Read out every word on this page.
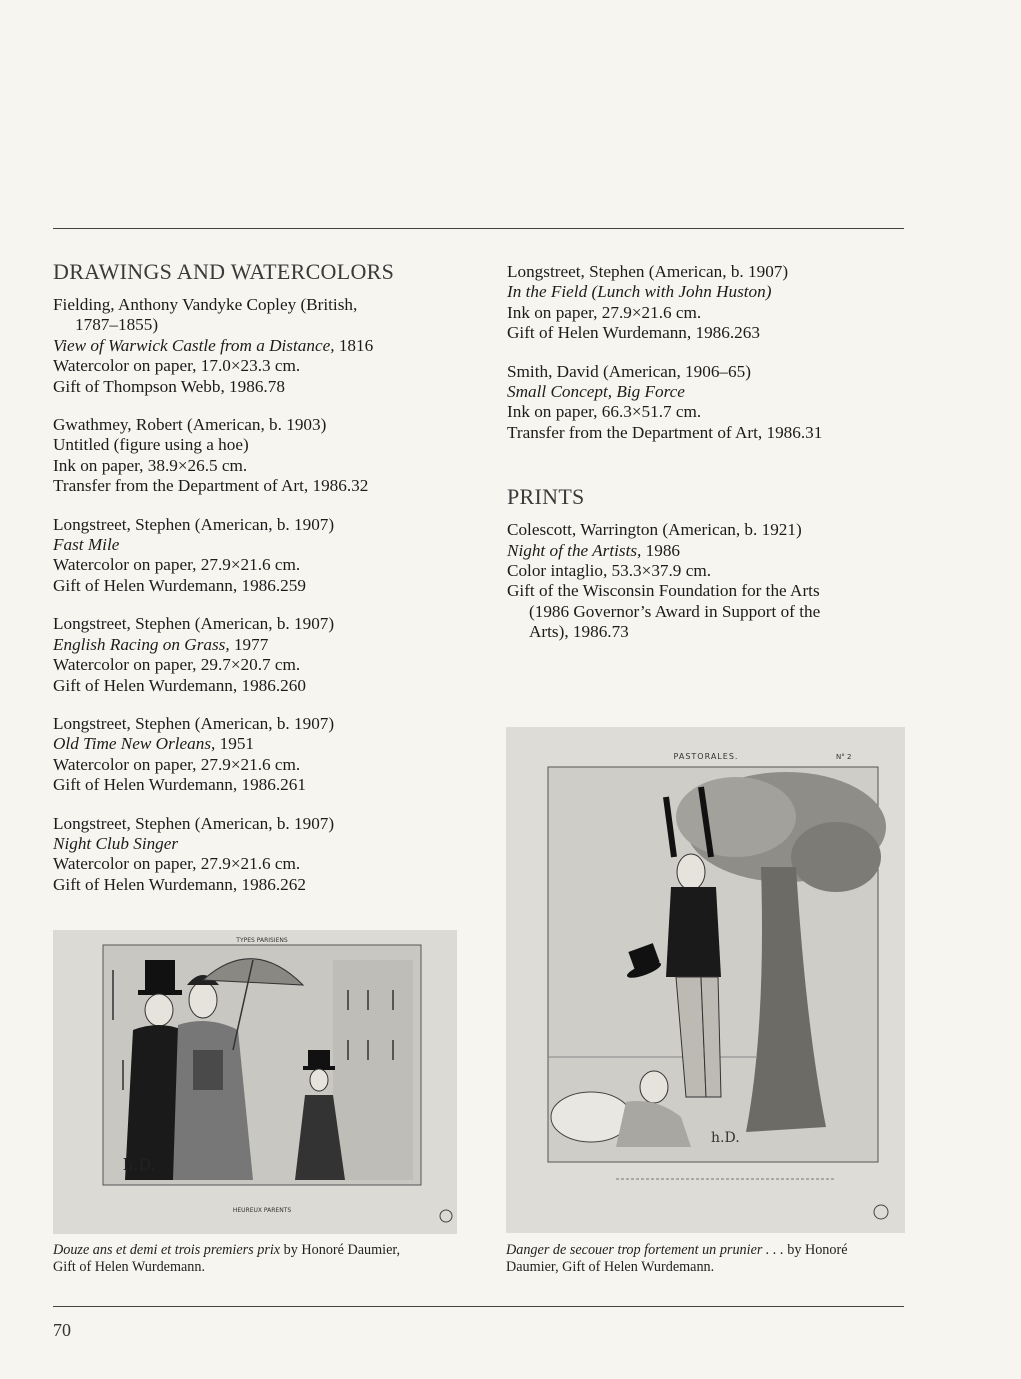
DRAWINGS AND WATERCOLORS
Fielding, Anthony Vandyke Copley (British,
1787–1855)
View of Warwick Castle from a Distance, 1816
Watercolor on paper, 17.0×23.3 cm.
Gift of Thompson Webb, 1986.78
Gwathmey, Robert (American, b. 1903)
Untitled (figure using a hoe)
Ink on paper, 38.9×26.5 cm.
Transfer from the Department of Art, 1986.32
Longstreet, Stephen (American, b. 1907)
Fast Mile
Watercolor on paper, 27.9×21.6 cm.
Gift of Helen Wurdemann, 1986.259
Longstreet, Stephen (American, b. 1907)
English Racing on Grass, 1977
Watercolor on paper, 29.7×20.7 cm.
Gift of Helen Wurdemann, 1986.260
Longstreet, Stephen (American, b. 1907)
Old Time New Orleans, 1951
Watercolor on paper, 27.9×21.6 cm.
Gift of Helen Wurdemann, 1986.261
Longstreet, Stephen (American, b. 1907)
Night Club Singer
Watercolor on paper, 27.9×21.6 cm.
Gift of Helen Wurdemann, 1986.262
Longstreet, Stephen (American, b. 1907)
In the Field (Lunch with John Huston)
Ink on paper, 27.9×21.6 cm.
Gift of Helen Wurdemann, 1986.263
Smith, David (American, 1906–65)
Small Concept, Big Force
Ink on paper, 66.3×51.7 cm.
Transfer from the Department of Art, 1986.31
PRINTS
Colescott, Warrington (American, b. 1921)
Night of the Artists, 1986
Color intaglio, 53.3×37.9 cm.
Gift of the Wisconsin Foundation for the Arts
(1986 Governor’s Award in Support of the
Arts), 1986.73
TYPES PARISIENS
h.D.
HEUREUX PARENTS
PASTORALES.	N° 2
h.D.
Douze ans et demi et trois premiers prix by Honoré Daumier,
Gift of Helen Wurdemann.
Danger de secouer trop fortement un prunier . . . by Honoré
Daumier, Gift of Helen Wurdemann.
70
